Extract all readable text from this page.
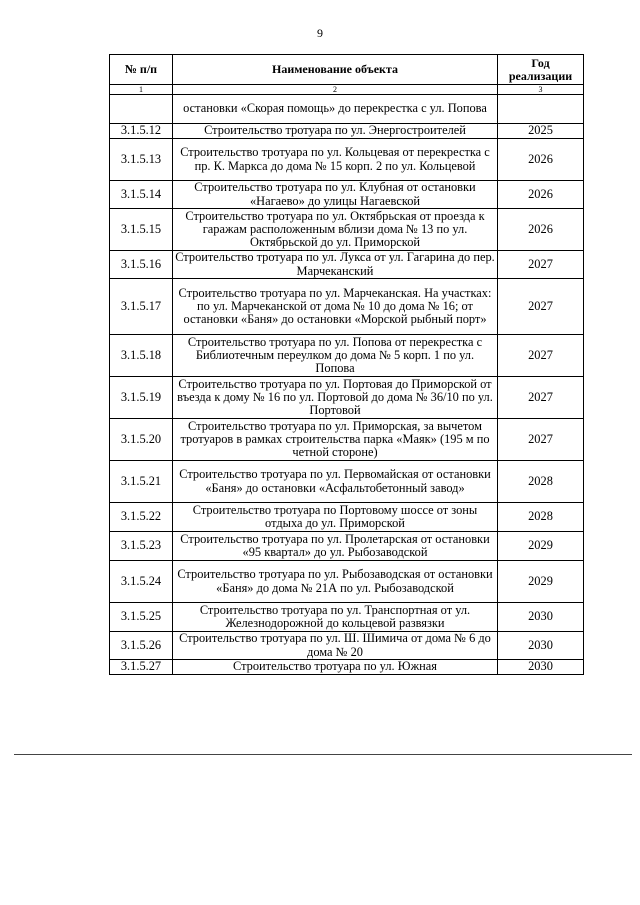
9
№ п/п	Наименование объекта	Год реализации
1	2	3
	остановки «Скорая помощь» до перекрестка с ул. Попова	
3.1.5.12	Строительство тротуара по ул. Энергостроителей	2025
3.1.5.13	Строительство тротуара по ул. Кольцевая от перекрестка с пр. К. Маркса до дома № 15 корп. 2 по ул. Кольцевой	2026
3.1.5.14	Строительство тротуара по ул. Клубная от остановки «Нагаево» до улицы Нагаевской	2026
3.1.5.15	Строительство тротуара по ул. Октябрьская от проезда к гаражам расположенным вблизи дома № 13 по ул. Октябрьской до ул. Приморской	2026
3.1.5.16	Строительство тротуара по ул. Лукса от ул. Гагарина до пер. Марчеканский	2027
3.1.5.17	Строительство тротуара по ул. Марчеканская. На участках: по ул. Марчеканской от дома № 10 до дома № 16; от остановки «Баня» до остановки «Морской рыбный порт»	2027
3.1.5.18	Строительство тротуара по ул. Попова от перекрестка с Библиотечным переулком до дома № 5 корп. 1 по ул. Попова	2027
3.1.5.19	Строительство тротуара по ул. Портовая до Приморской от въезда к дому № 16 по ул. Портовой до дома № 36/10 по ул. Портовой	2027
3.1.5.20	Строительство тротуара по ул. Приморская, за вычетом тротуаров в рамках строительства парка «Маяк» (195 м по четной стороне)	2027
3.1.5.21	Строительство тротуара по ул. Первомайская от остановки «Баня» до остановки «Асфальтобетонный завод»	2028
3.1.5.22	Строительство тротуара по Портовому шоссе от зоны отдыха до ул. Приморской	2028
3.1.5.23	Строительство тротуара по ул. Пролетарская от остановки «95 квартал» до ул. Рыбозаводской	2029
3.1.5.24	Строительство тротуара по ул. Рыбозаводская от остановки «Баня» до дома № 21А по ул. Рыбозаводской	2029
3.1.5.25	Строительство тротуара по ул. Транспортная от ул. Железнодорожной до кольцевой развязки	2030
3.1.5.26	Строительство тротуара по ул. Ш. Шимича от дома № 6 до дома № 20	2030
3.1.5.27	Строительство тротуара по ул. Южная	2030
